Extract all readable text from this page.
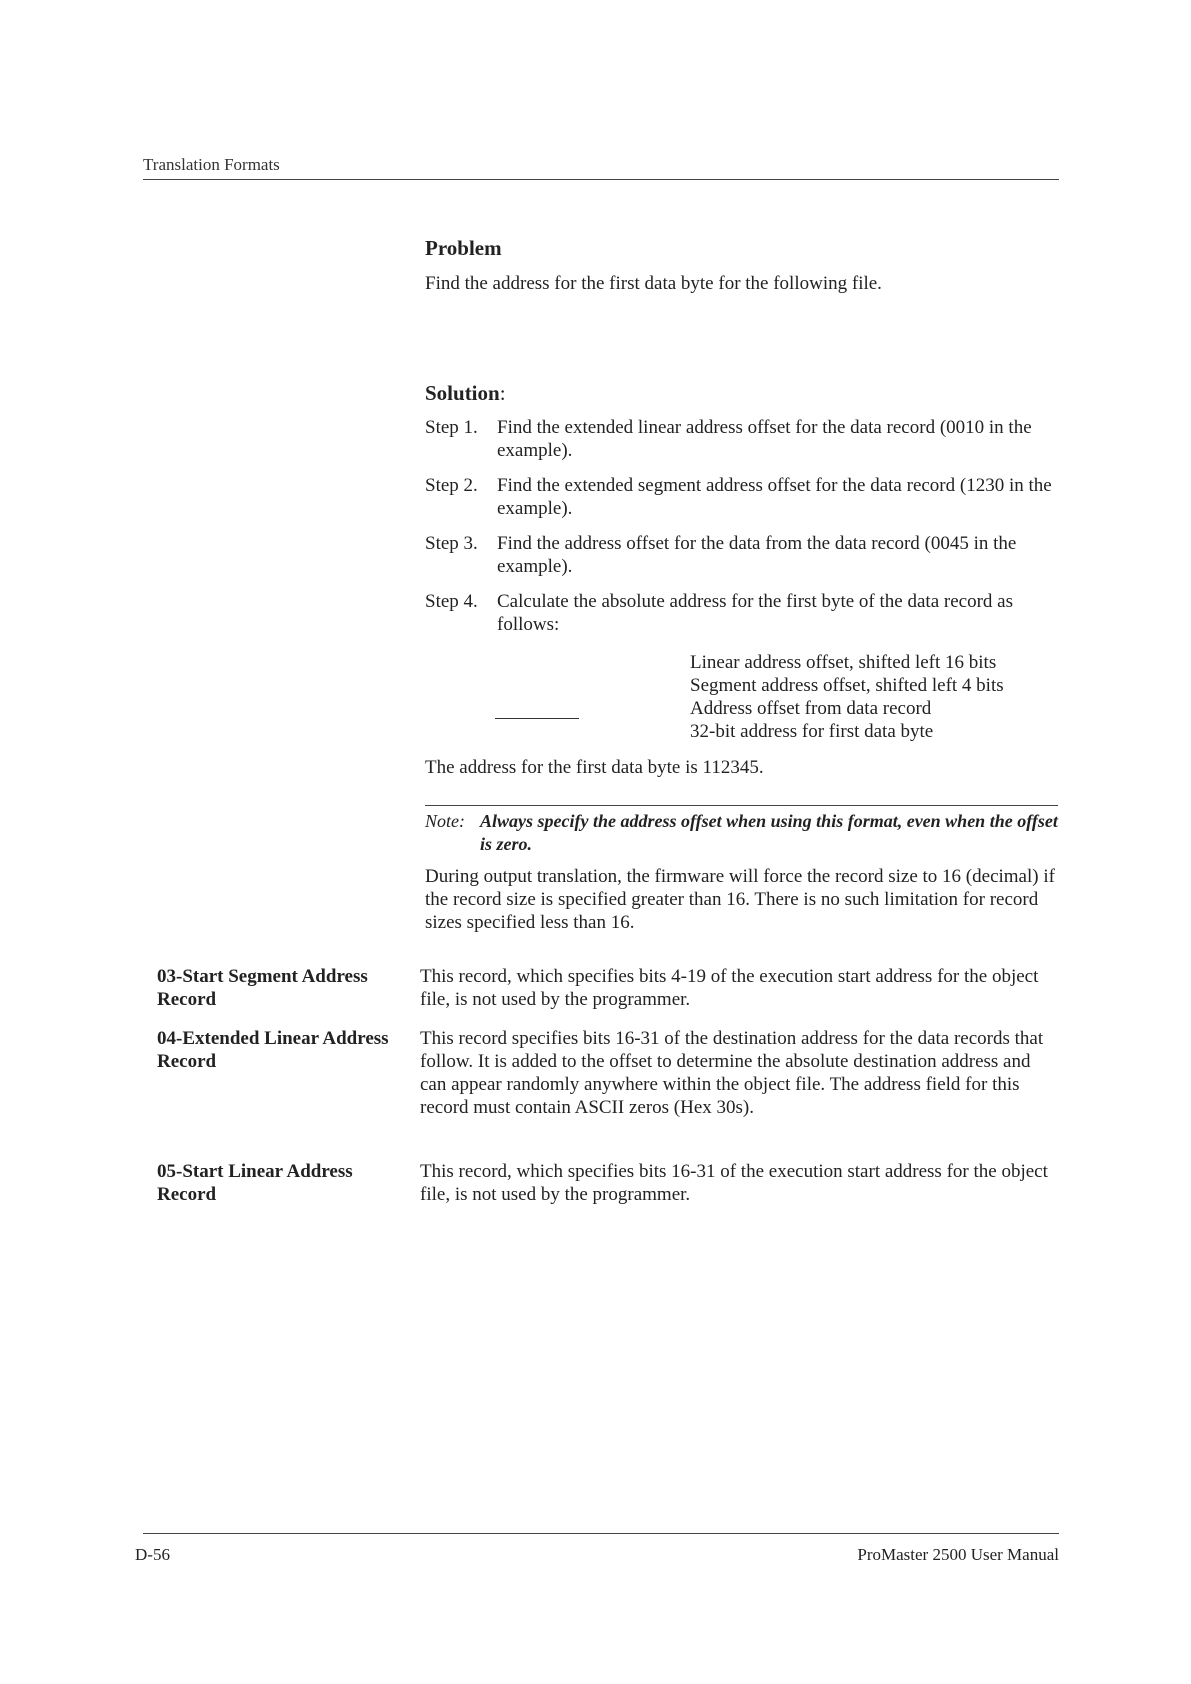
Translation Formats
Problem
Find the address for the first data byte for the following file.
Solution:
Step 1. Find the extended linear address offset for the data record (0010 in the example).
Step 2. Find the extended segment address offset for the data record (1230 in the example).
Step 3. Find the address offset for the data from the data record (0045 in the example).
Step 4. Calculate the absolute address for the first byte of the data record as follows:
Linear address offset, shifted left 16 bits
Segment address offset, shifted left 4 bits
Address offset from data record
32-bit address for first data byte
The address for the first data byte is 112345.
Note: Always specify the address offset when using this format, even when the offset is zero.
During output translation, the firmware will force the record size to 16 (decimal) if the record size is specified greater than 16. There is no such limitation for record sizes specified less than 16.
03-Start Segment Address Record
This record, which specifies bits 4-19 of the execution start address for the object file, is not used by the programmer.
04-Extended Linear Address Record
This record specifies bits 16-31 of the destination address for the data records that follow. It is added to the offset to determine the absolute destination address and can appear randomly anywhere within the object file. The address field for this record must contain ASCII zeros (Hex 30s).
05-Start Linear Address Record
This record, which specifies bits 16-31 of the execution start address for the object file, is not used by the programmer.
D-56	ProMaster 2500 User Manual
